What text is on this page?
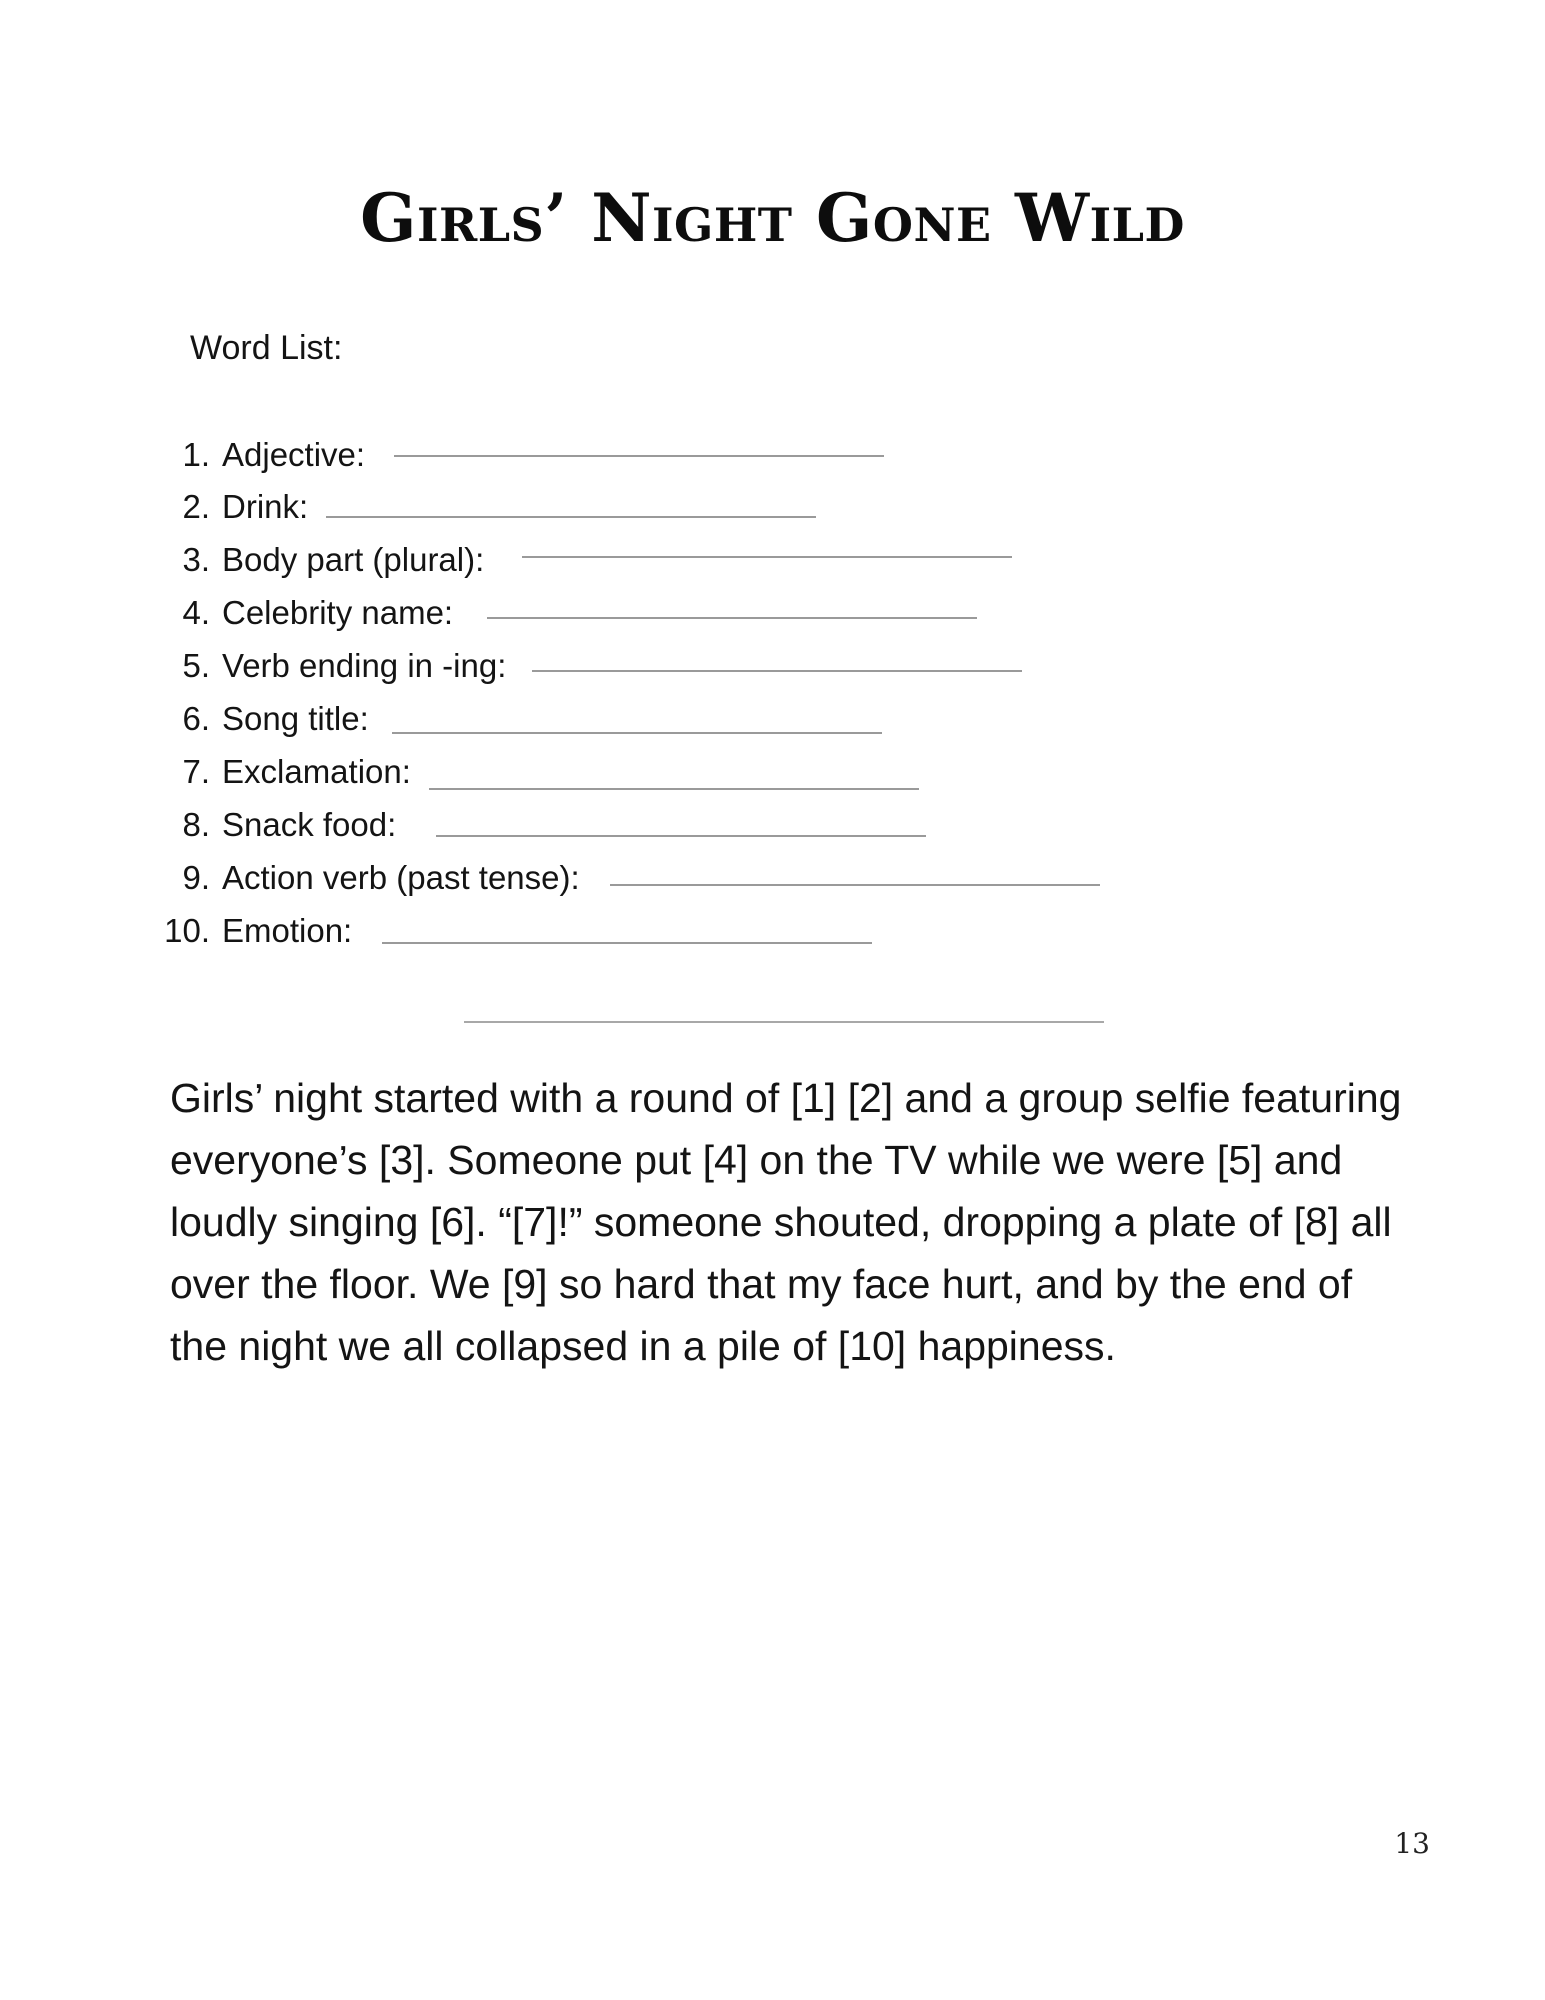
Girls’ Night Gone Wild
Word List:
1. Adjective:
2. Drink:
3. Body part (plural):
4. Celebrity name:
5. Verb ending in -ing:
6. Song title:
7. Exclamation:
8. Snack food:
9. Action verb (past tense):
10. Emotion:
Girls’ night started with a round of [1] [2] and a group selfie featuring everyone’s [3]. Someone put [4] on the TV while we were [5] and loudly singing [6]. “[7]!” someone shouted, dropping a plate of [8] all over the floor. We [9] so hard that my face hurt, and by the end of the night we all collapsed in a pile of [10] happiness.
13
